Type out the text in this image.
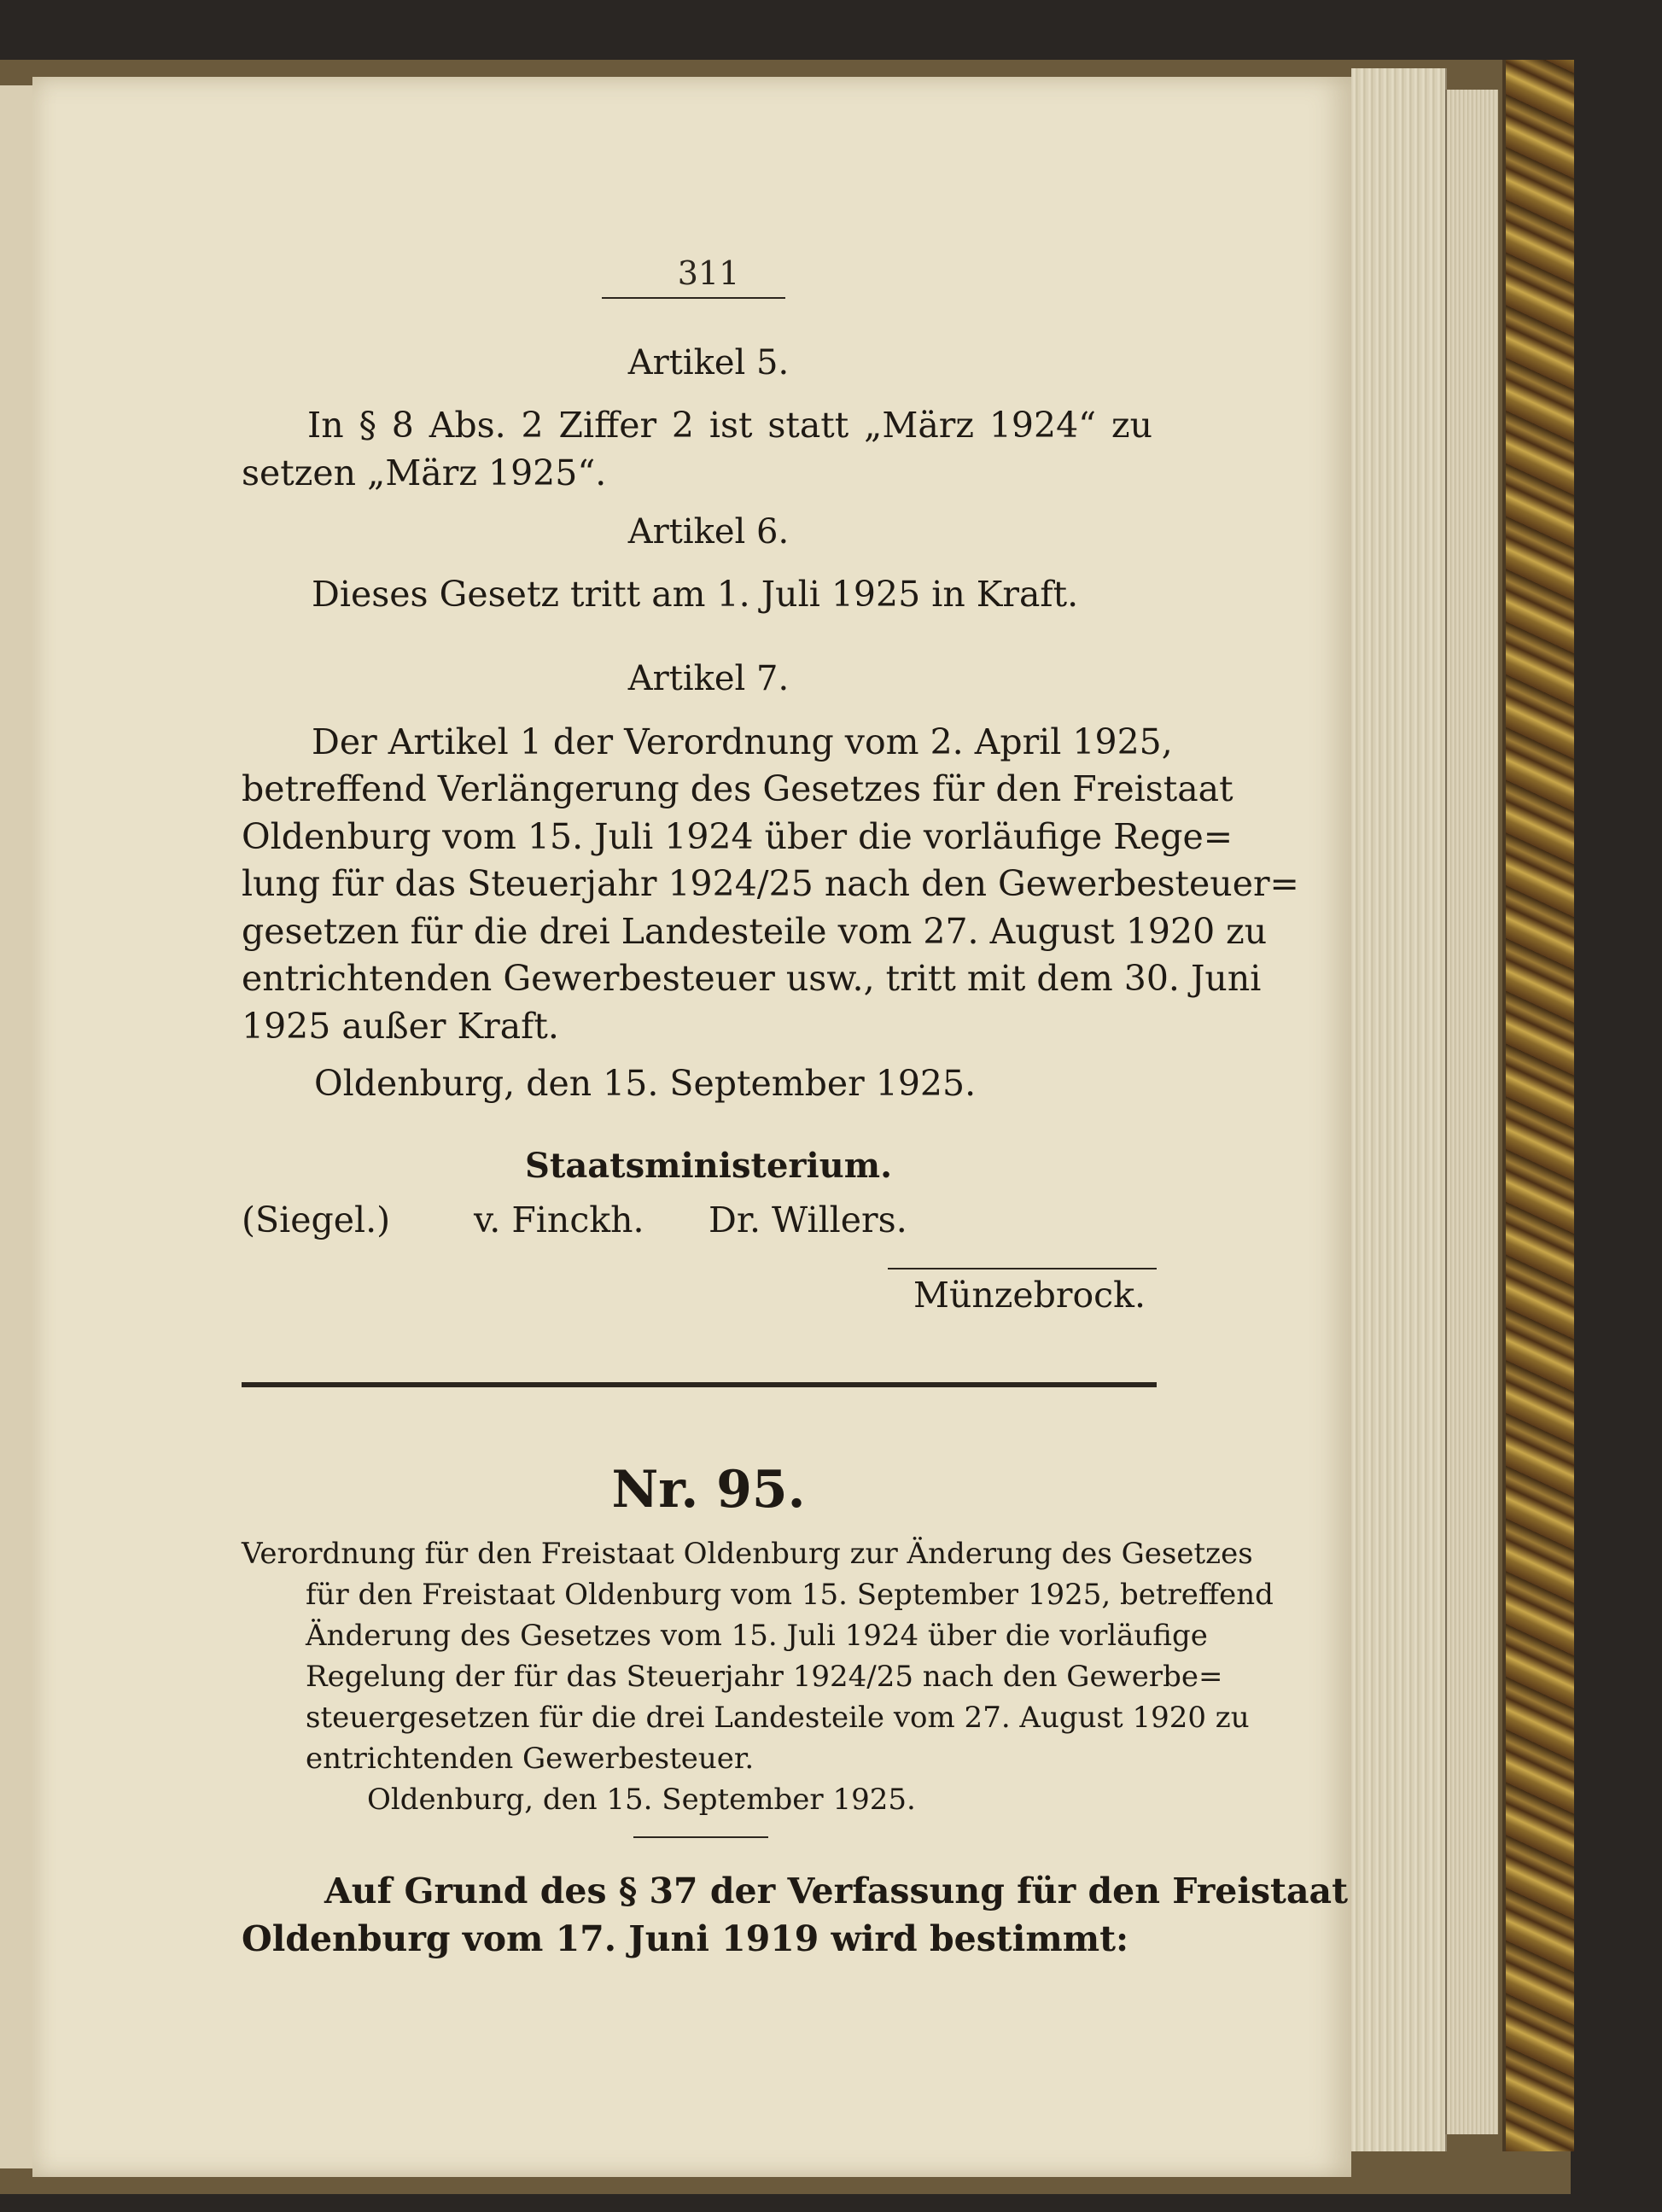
311
Artikel 5.
In § 8 Abs. 2 Ziffer 2 ist statt „März 1924“ zu
setzen „März 1925“.
Artikel 6.
Dieses Gesetz tritt am 1. Juli 1925 in Kraft.
Artikel 7.
Der Artikel 1 der Verordnung vom 2. April 1925,
betreffend Verlängerung des Gesetzes für den Freistaat
Oldenburg vom 15. Juli 1924 über die vorläufige Rege=
lung für das Steuerjahr 1924/25 nach den Gewerbesteuer=
gesetzen für die drei Landesteile vom 27. August 1920 zu
entrichtenden Gewerbesteuer usw., tritt mit dem 30. Juni
1925 außer Kraft.
Oldenburg, den 15. September 1925.
Staatsministerium.
(Siegel.) v. Finckh. Dr. Willers.
Münzebrock.
Nr. 95.
Verordnung für den Freistaat Oldenburg zur Änderung des Gesetzes
für den Freistaat Oldenburg vom 15. September 1925, betreffend
Änderung des Gesetzes vom 15. Juli 1924 über die vorläufige
Regelung der für das Steuerjahr 1924/25 nach den Gewerbe=
steuergesetzen für die drei Landesteile vom 27. August 1920 zu
entrichtenden Gewerbesteuer.
Oldenburg, den 15. September 1925.
Auf Grund des § 37 der Verfassung für den Freistaat
Oldenburg vom 17. Juni 1919 wird bestimmt:
